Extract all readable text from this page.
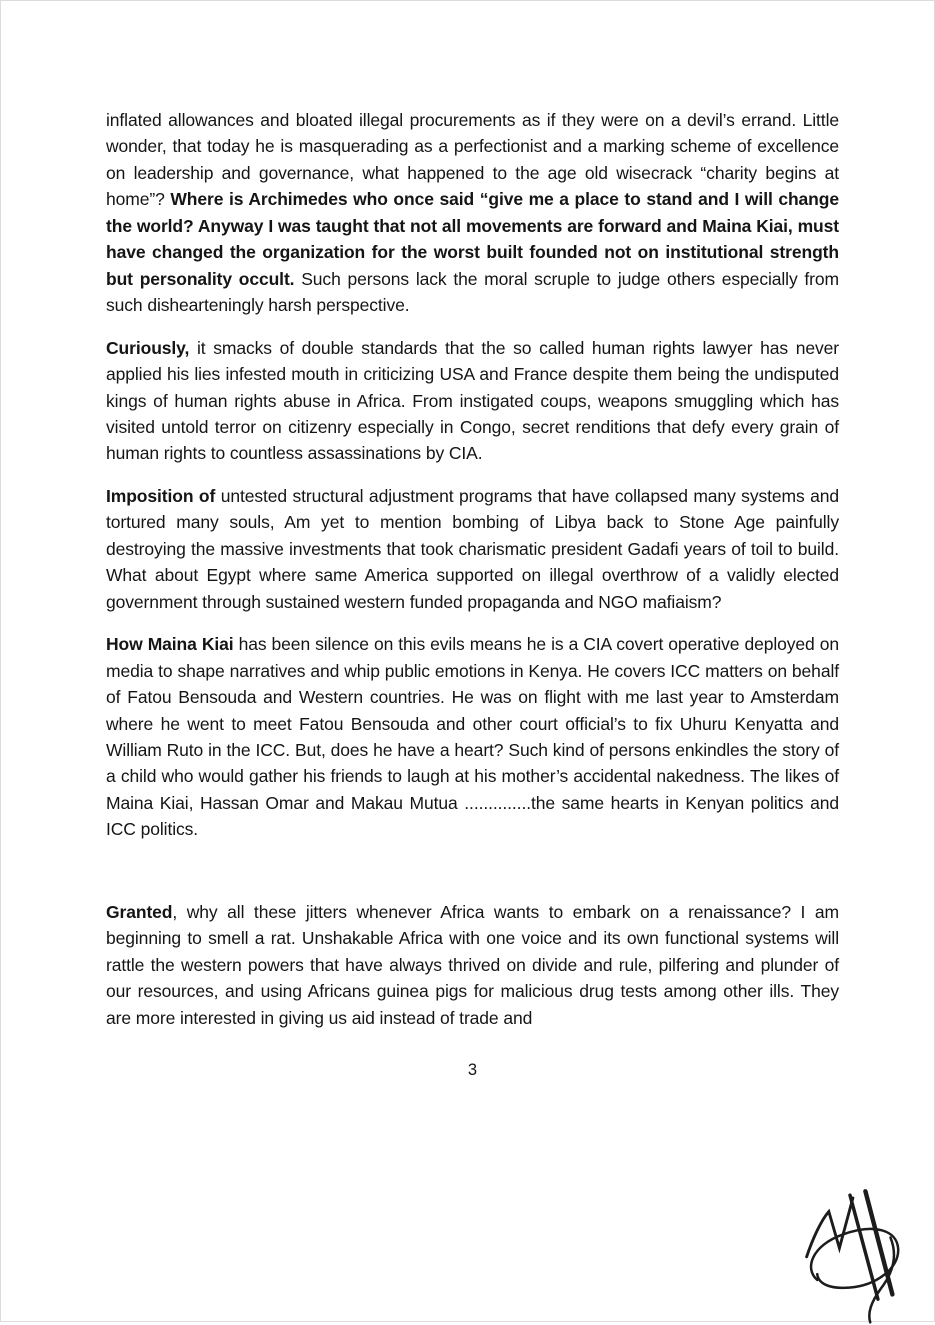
inflated allowances and bloated illegal procurements as if they were on a devil’s errand. Little wonder, that today he is masquerading as a perfectionist and a marking scheme of excellence on leadership and governance, what happened to the age old wisecrack “charity begins at home”? Where is Archimedes who once said “give me a place to stand and I will change the world? Anyway I was taught that not all movements are forward and Maina Kiai, must have changed the organization for the worst built founded not on institutional strength but personality occult. Such persons lack the moral scruple to judge others especially from such dishearteningly harsh perspective.

Curiously, it smacks of double standards that the so called human rights lawyer has never applied his lies infested mouth in criticizing USA and France despite them being the undisputed kings of human rights abuse in Africa. From instigated coups, weapons smuggling which has visited untold terror on citizenry especially in Congo, secret renditions that defy every grain of human rights to countless assassinations by CIA.

Imposition of untested structural adjustment programs that have collapsed many systems and tortured many souls, Am yet to mention bombing of Libya back to Stone Age painfully destroying the massive investments that took charismatic president Gadafi years of toil to build. What about Egypt where same America supported on illegal overthrow of a validly elected government through sustained western funded propaganda and NGO mafiaism?

How Maina Kiai has been silence on this evils means he is a CIA covert operative deployed on media to shape narratives and whip public emotions in Kenya. He covers ICC matters on behalf of Fatou Bensouda and Western countries. He was on flight with me last year to Amsterdam where he went to meet Fatou Bensouda and other court official’s to fix Uhuru Kenyatta and William Ruto in the ICC. But, does he have a heart? Such kind of persons enkindles the story of a child who would gather his friends to laugh at his mother’s accidental nakedness. The likes of Maina Kiai, Hassan Omar and Makau Mutua ..............the same hearts in Kenyan politics and ICC politics.

Granted, why all these jitters whenever Africa wants to embark on a renaissance? I am beginning to smell a rat. Unshakable Africa with one voice and its own functional systems will rattle the western powers that have always thrived on divide and rule, pilfering and plunder of our resources, and using Africans guinea pigs for malicious drug tests among other ills. They are more interested in giving us aid instead of trade and

3
